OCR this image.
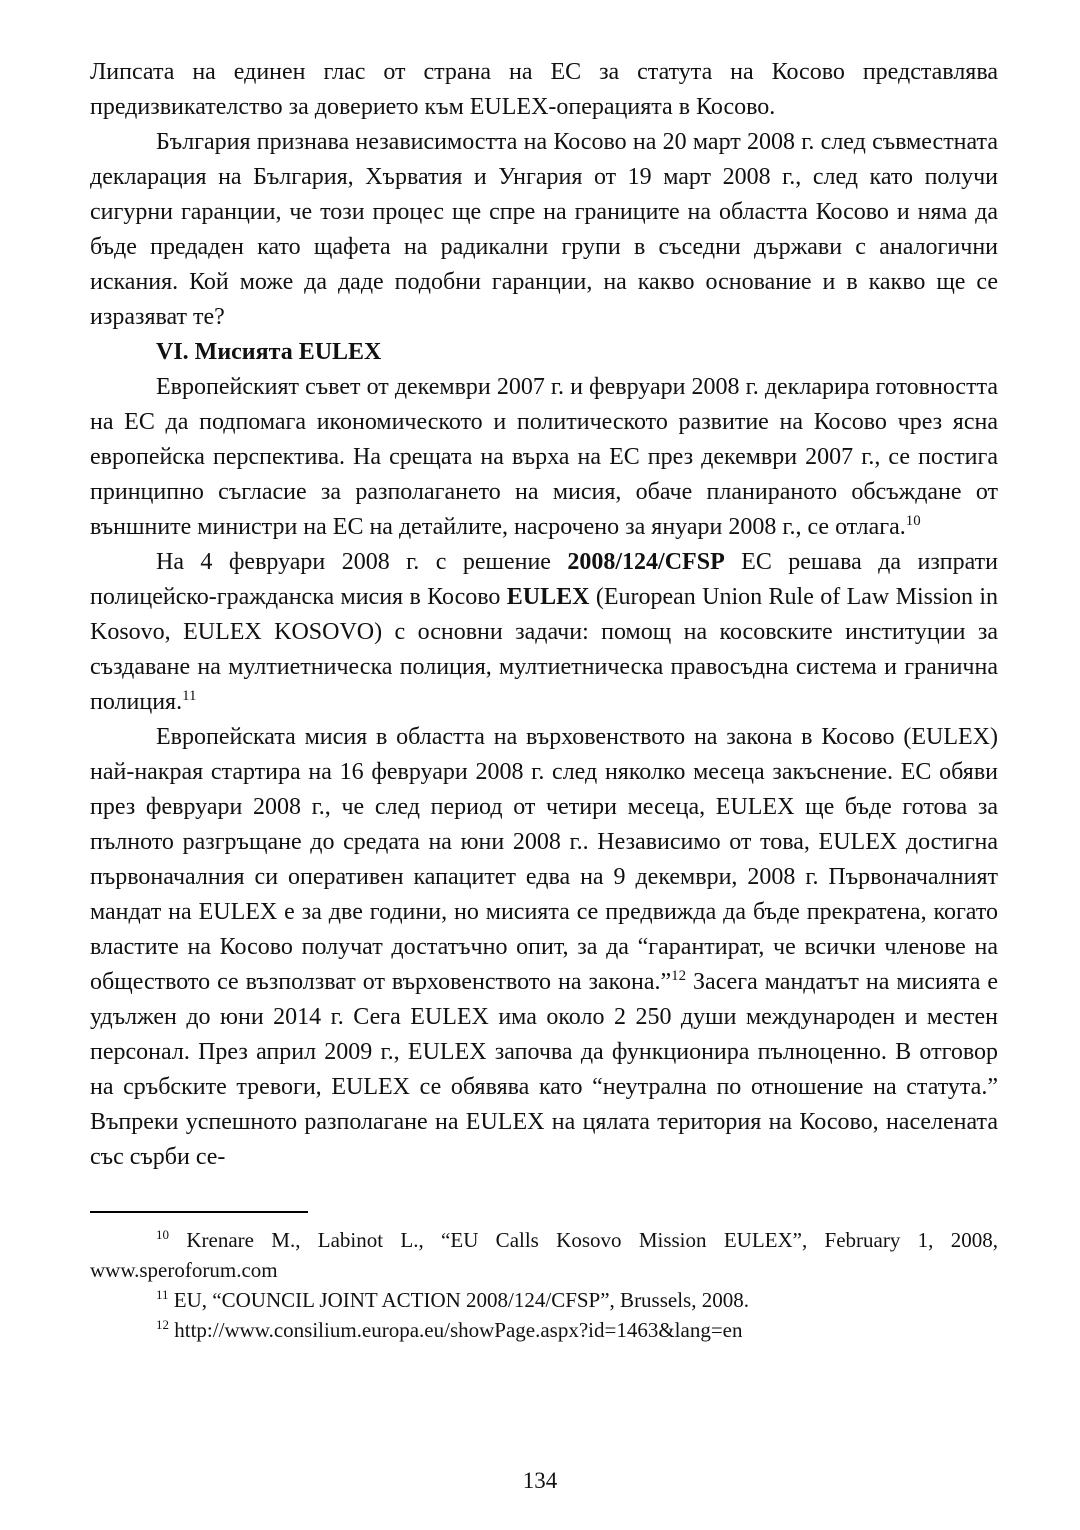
Липсата на единен глас от страна на ЕС за статута на Косово представлява предизвикателство за доверието към EULEX-операцията в Косово.

България признава независимостта на Косово на 20 март 2008 г. след съвместната декларация на България, Хърватия и Унгария от 19 март 2008 г., след като получи сигурни гаранции, че този процес ще спре на границите на областта Косово и няма да бъде предаден като щафета на радикални групи в съседни държави с аналогични искания. Кой може да даде подобни гаранции, на какво основание и в какво ще се изразяват те?

VI. Мисията EULEX

Европейският съвет от декември 2007 г. и февруари 2008 г. декларира готовността на ЕС да подпомага икономическото и политическото развитие на Косово чрез ясна европейска перспектива. На срещата на върха на ЕС през декември 2007 г., се постига принципно съгласие за разполагането на мисия, обаче планираното обсъждане от външните министри на ЕС на детайлите, насрочено за януари 2008 г., се отлага.$^{10}$

На 4 февруари 2008 г. с решение 2008/124/CFSP ЕС решава да изпрати полицейско-гражданска мисия в Косово EULEX (European Union Rule of Law Mission in Kosovo, EULEX KOSOVO) с основни задачи: помощ на косовските институции за създаване на мултиетническа полиция, мултиетническа правосъдна система и гранична полиция.$^{11}$

Европейската мисия в областта на върховенството на закона в Косово (EULEX) най-накрая стартира на 16 февруари 2008 г. след няколко месеца закъснение. ЕС обяви през февруари 2008 г., че след период от четири месеца, EULEX ще бъде готова за пълното разгръщане до средата на юни 2008 г.. Независимо от това, EULEX достигна първоначалния си оперативен капацитет едва на 9 декември, 2008 г. Първоначалният мандат на EULEX е за две години, но мисията се предвижда да бъде прекратена, когато властите на Косово получат достатъчно опит, за да “гарантират, че всички членове на обществото се възползват от върховенството на закона.”$^{12}$ Засега мандатът на мисията е удължен до юни 2014 г. Сега EULEX има около 2 250 души международен и местен персонал. През април 2009 г., EULEX започва да функционира пълноценно. В отговор на сръбските тревоги, EULEX се обявява като “неутрална по отношение на статута.” Въпреки успешното разполагане на EULEX на цялата територия на Косово, населената със сърби се-

$^{10}$ Krenare M., Labinot L., “EU Calls Kosovo Mission EULEX”, February 1, 2008, www.speroforum.com

$^{11}$ EU, “COUNCIL JOINT ACTION 2008/124/CFSP”, Brussels, 2008.

$^{12}$ http://www.consilium.europa.eu/showPage.aspx?id=1463&lang=en

134
